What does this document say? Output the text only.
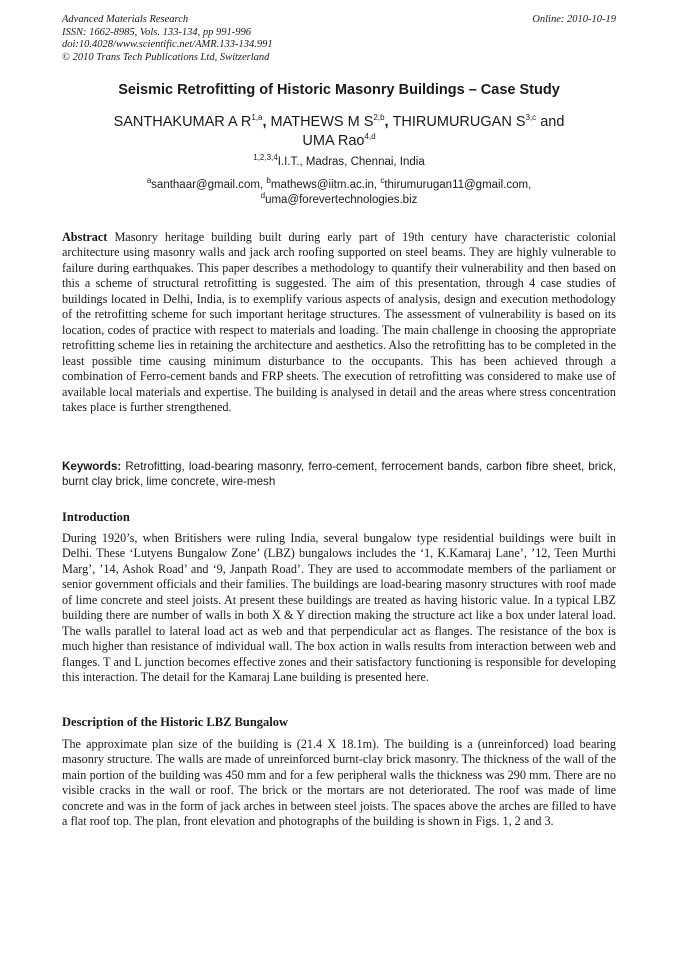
Advanced Materials Research
ISSN: 1662-8985, Vols. 133-134, pp 991-996
doi:10.4028/www.scientific.net/AMR.133-134.991
© 2010 Trans Tech Publications Ltd, Switzerland
Online: 2010-10-19
Seismic Retrofitting of Historic Masonry Buildings – Case Study
SANTHAKUMAR A R$^{1,a}$, MATHEWS M S$^{2,b}$, THIRUMURUGAN S$^{3,c}$ and
UMA Rao$^{4,d}$
$^{1,2,3,4}$I.I.T., Madras, Chennai, India
$^a$santhaar@gmail.com, $^b$mathews@iitm.ac.in, $^c$thirumurugan11@gmail.com,
$^d$uma@forevertechnologies.biz
Abstract Masonry heritage building built during early part of 19th century have characteristic colonial architecture using masonry walls and jack arch roofing supported on steel beams. They are highly vulnerable to failure during earthquakes. This paper describes a methodology to quantify their vulnerability and then based on this a scheme of structural retrofitting is suggested. The aim of this presentation, through 4 case studies of buildings located in Delhi, India, is to exemplify various aspects of analysis, design and execution methodology of the retrofitting scheme for such important heritage structures. The assessment of vulnerability is based on its location, codes of practice with respect to materials and loading. The main challenge in choosing the appropriate retrofitting scheme lies in retaining the architecture and aesthetics. Also the retrofitting has to be completed in the least possible time causing minimum disturbance to the occupants. This has been achieved through a combination of Ferro-cement bands and FRP sheets. The execution of retrofitting was considered to make use of available local materials and expertise. The building is analysed in detail and the areas where stress concentration takes place is further strengthened.
Keywords: Retrofitting, load-bearing masonry, ferro-cement, ferrocement bands, carbon fibre sheet, brick, burnt clay brick, lime concrete, wire-mesh
Introduction
During 1920’s, when Britishers were ruling India, several bungalow type residential buildings were built in Delhi. These ‘Lutyens Bungalow Zone’ (LBZ) bungalows includes the ‘1, K.Kamaraj Lane’, ’12, Teen Murthi Marg’, ’14, Ashok Road’ and ‘9, Janpath Road’. They are used to accommodate members of the parliament or senior government officials and their families. The buildings are load-bearing masonry structures with roof made of lime concrete and steel joists. At present these buildings are treated as having historic value. In a typical LBZ building there are number of walls in both X & Y direction making the structure act like a box under lateral load. The walls parallel to lateral load act as web and that perpendicular act as flanges. The resistance of the box is much higher than resistance of individual wall. The box action in walls results from interaction between web and flanges. T and L junction becomes effective zones and their satisfactory functioning is responsible for developing this interaction. The detail for the Kamaraj Lane building is presented here.
Description of the Historic LBZ Bungalow
The approximate plan size of the building is (21.4 X 18.1m). The building is a (unreinforced) load bearing masonry structure. The walls are made of unreinforced burnt-clay brick masonry. The thickness of the wall of the main portion of the building was 450 mm and for a few peripheral walls the thickness was 290 mm. There are no visible cracks in the wall or roof. The brick or the mortars are not deteriorated. The roof was made of lime concrete and was in the form of jack arches in between steel joists. The spaces above the arches are filled to have a flat roof top. The plan, front elevation and photographs of the building is shown in Figs. 1, 2 and 3.
